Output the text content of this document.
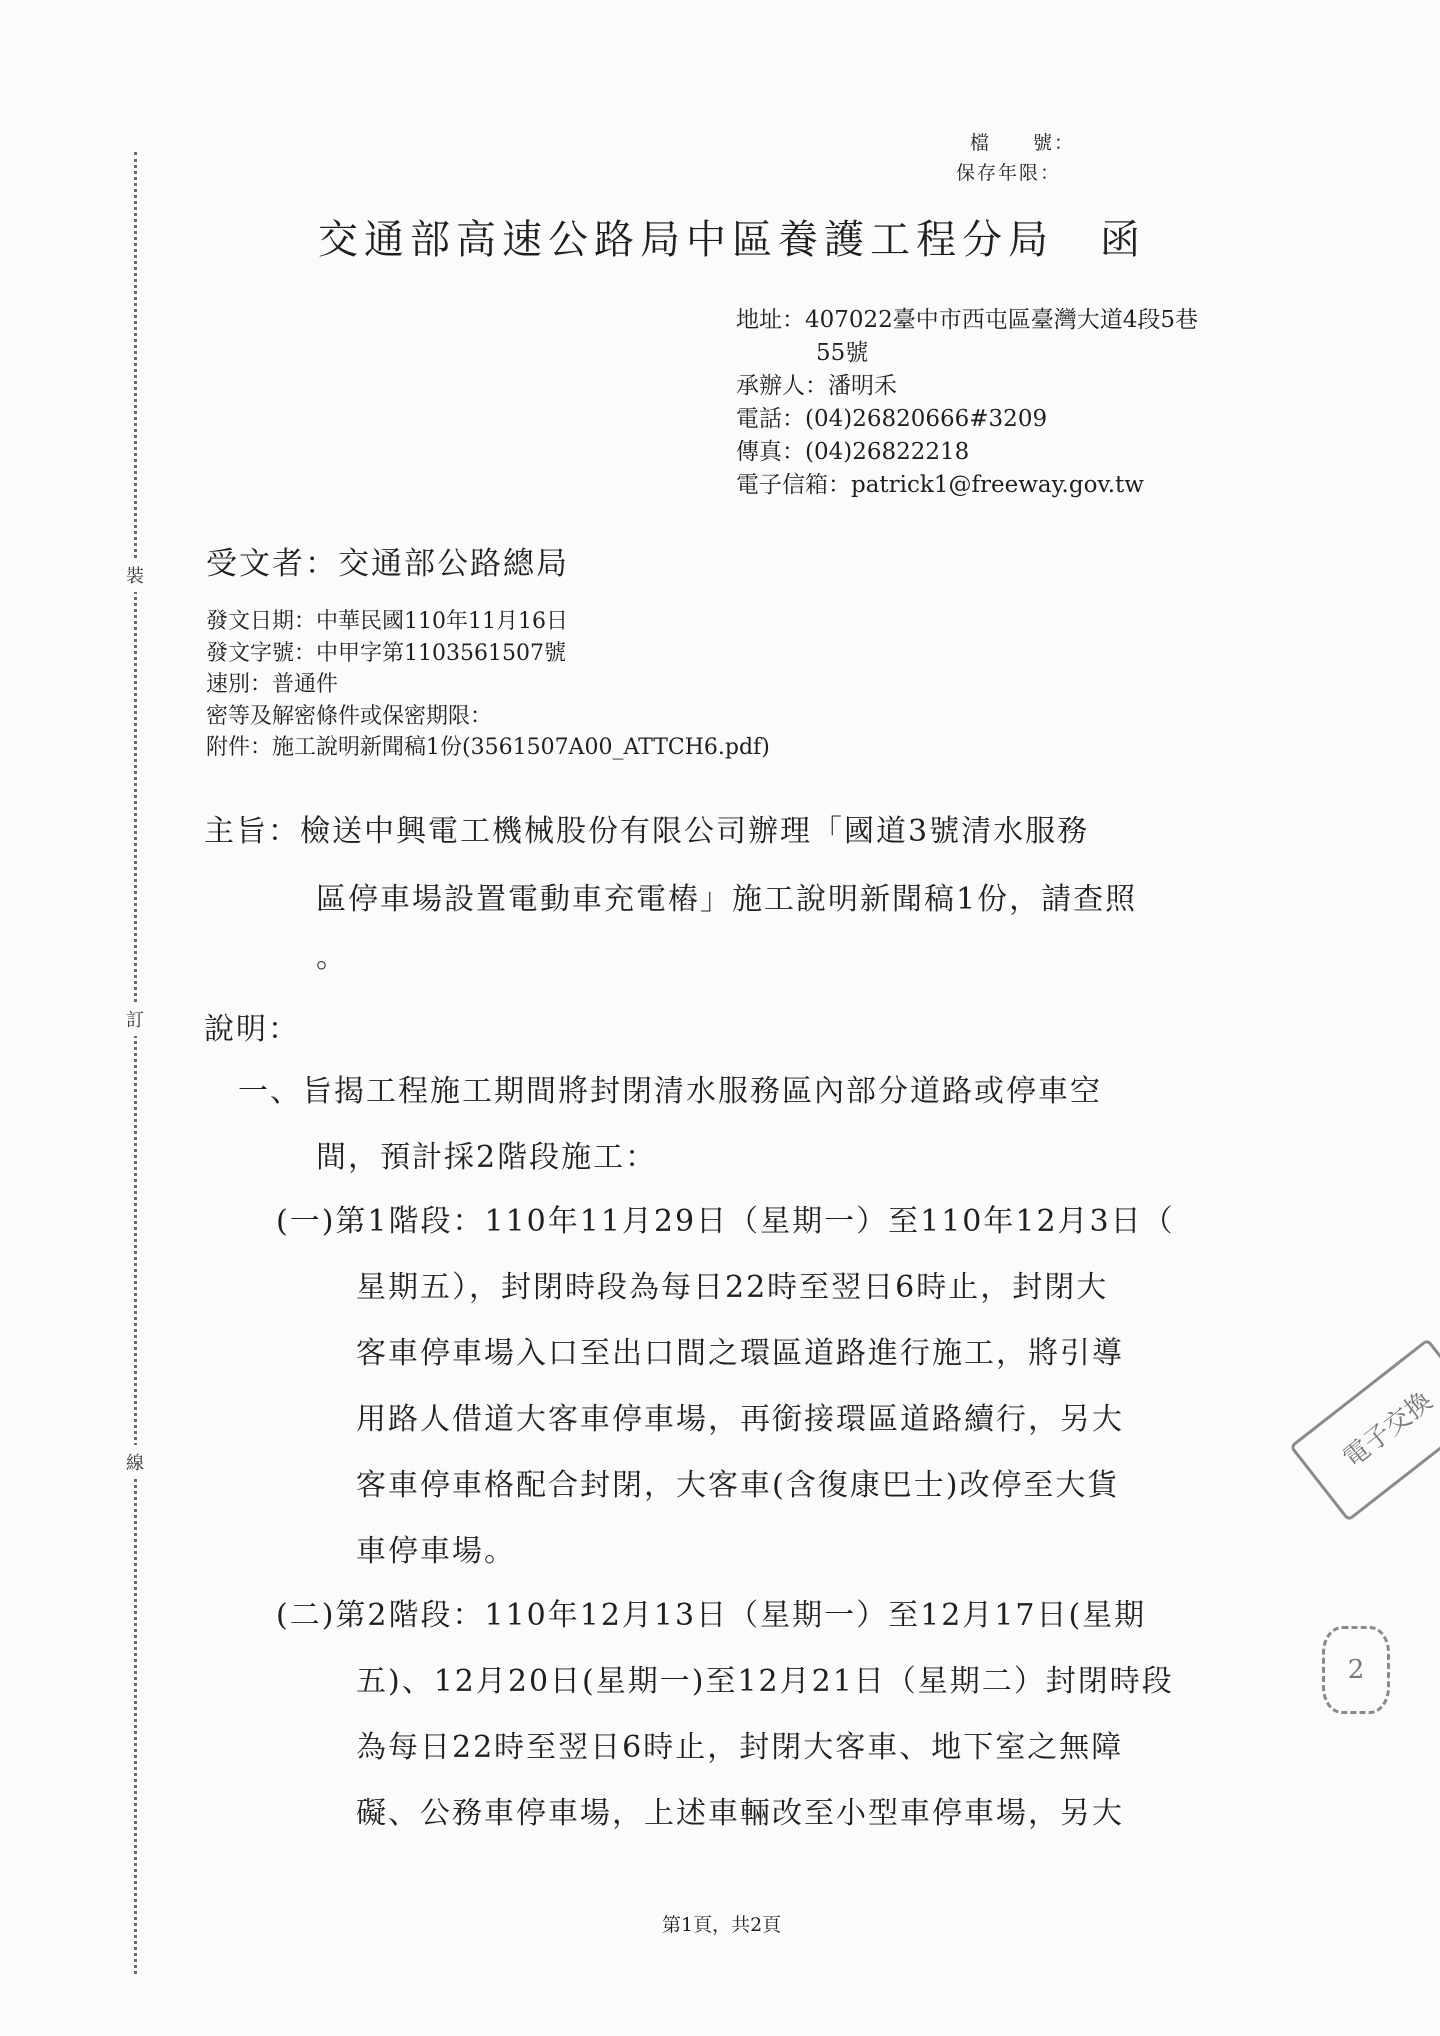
裝
訂
線
檔　　號：
保存年限：
交通部高速公路局中區養護工程分局　函
地址：407022臺中市西屯區臺灣大道4段5巷
55號
承辦人：潘明禾
電話：(04)26820666#3209
傳真：(04)26822218
電子信箱：patrick1@freeway.gov.tw
受文者：交通部公路總局
發文日期：中華民國110年11月16日
發文字號：中甲字第1103561507號
速別：普通件
密等及解密條件或保密期限：
附件：施工說明新聞稿1份(3561507A00_ATTCH6.pdf)
主旨：檢送中興電工機械股份有限公司辦理「國道3號清水服務
區停車場設置電動車充電樁」施工說明新聞稿1份，請查照
。
說明：
一、旨揭工程施工期間將封閉清水服務區內部分道路或停車空
間，預計採2階段施工：
(一)第1階段：110年11月29日（星期一）至110年12月3日（
星期五），封閉時段為每日22時至翌日6時止，封閉大
客車停車場入口至出口間之環區道路進行施工，將引導
用路人借道大客車停車場，再銜接環區道路續行，另大
客車停車格配合封閉，大客車(含復康巴士)改停至大貨
車停車場。
(二)第2階段：110年12月13日（星期一）至12月17日(星期
五)、12月20日(星期一)至12月21日（星期二）封閉時段
為每日22時至翌日6時止，封閉大客車、地下室之無障
礙、公務車停車場，上述車輛改至小型車停車場，另大
電子交換
2
第1頁，共2頁
